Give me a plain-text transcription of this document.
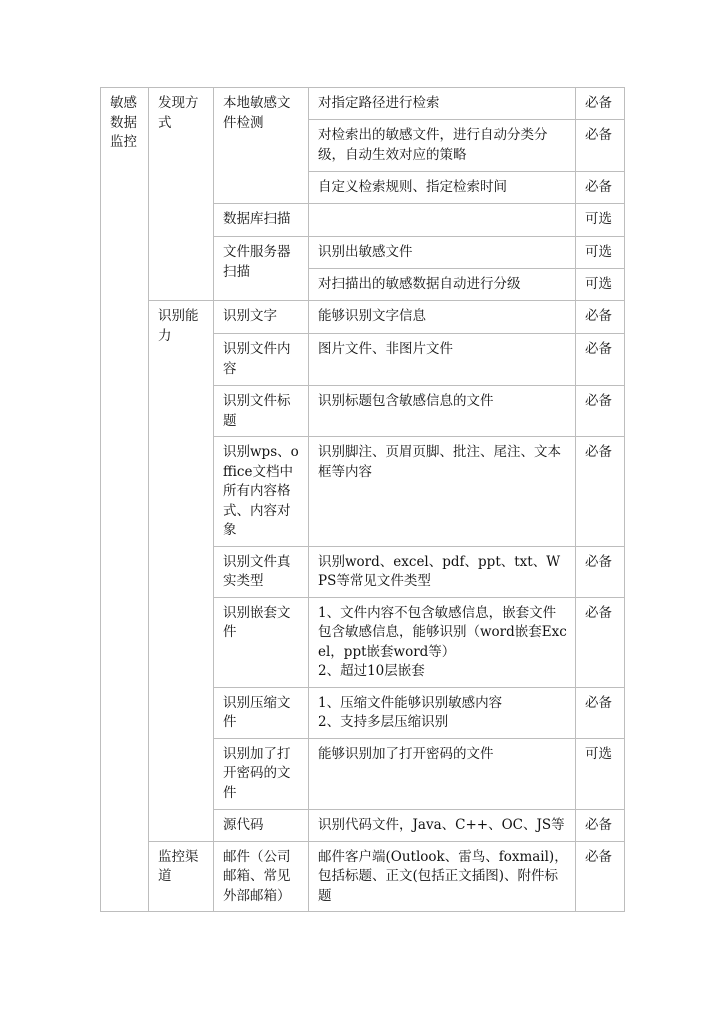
敏感数据监控	发现方式	本地敏感文件检测	对指定路径进行检索	必备
			对检索出的敏感文件，进行自动分类分级，自动生效对应的策略	必备
			自定义检索规则、指定检索时间	必备
		数据库扫描		可选
		文件服务器扫描	识别出敏感文件	可选
			对扫描出的敏感数据自动进行分级	可选
	识别能力	识别文字	能够识别文字信息	必备
		识别文件内容	图片文件、非图片文件	必备
		识别文件标题	识别标题包含敏感信息的文件	必备
		识别wps、office文档中所有内容格式、内容对象	识别脚注、页眉页脚、批注、尾注、文本框等内容	必备
		识别文件真实类型	识别word、excel、pdf、ppt、txt、WPS等常见文件类型	必备
		识别嵌套文件	1、文件内容不包含敏感信息，嵌套文件包含敏感信息，能够识别（word嵌套Excel，ppt嵌套word等）
2、超过10层嵌套	必备
		识别压缩文件	1、压缩文件能够识别敏感内容
2、支持多层压缩识别	必备
		识别加了打开密码的文件	能够识别加了打开密码的文件	可选
		源代码	识别代码文件，Java、C++、OC、JS等	必备
	监控渠道	邮件（公司邮箱、常见外部邮箱）	邮件客户端(Outlook、雷鸟、foxmail)，包括标题、正文(包括正文插图)、附件标题	必备
